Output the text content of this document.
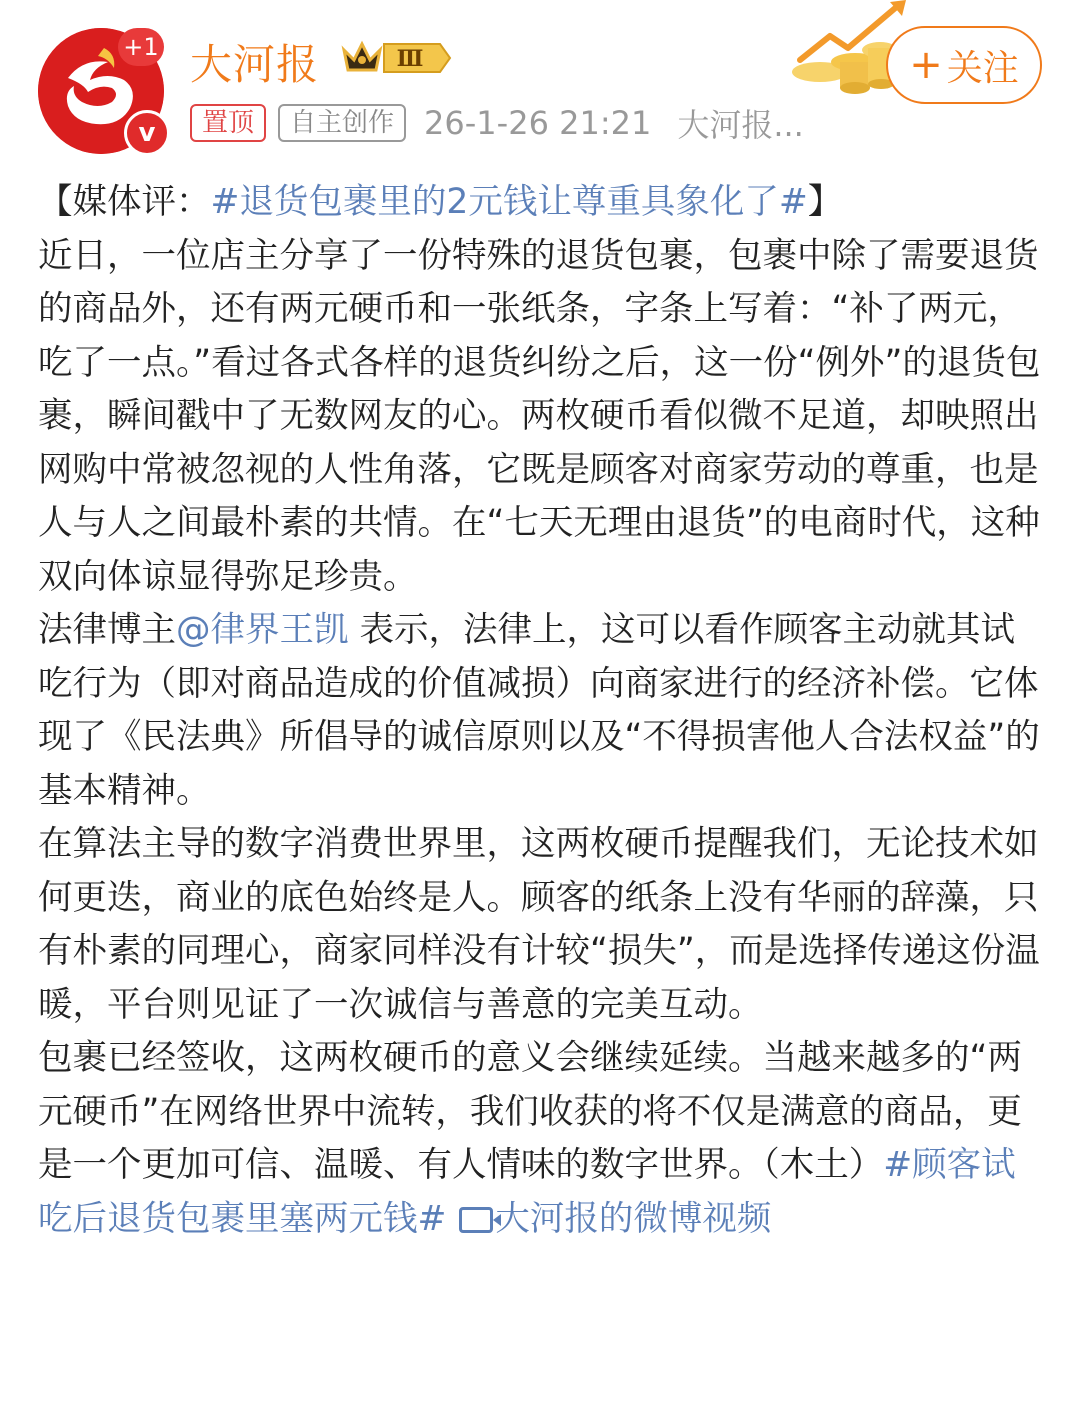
+1
v
大河报	Ⅲ	+ 关注
置顶	自主创作 26-1-26 21:21 大河报...

【媒体评：#退货包裹里的2元钱让尊重具象化了#】

近日，一位店主分享了一份特殊的退货包裹，包裹中除了需要退货的商品外，还有两元硬币和一张纸条，字条上写着：“补了两元，吃了一点。”看过各式各样的退货纠纷之后，这一份“例外”的退货包裹，瞬间戳中了无数网友的心。两枚硬币看似微不足道，却映照出网购中常被忽视的人性角落，它既是顾客对商家劳动的尊重，也是人与人之间最朴素的共情。在“七天无理由退货”的电商时代，这种双向体谅显得弥足珍贵。

法律博主@律界王凯 表示，法律上，这可以看作顾客主动就其试吃行为（即对商品造成的价值减损）向商家进行的经济补偿。它体现了《民法典》所倡导的诚信原则以及“不得损害他人合法权益”的基本精神。

在算法主导的数字消费世界里，这两枚硬币提醒我们，无论技术如何更迭，商业的底色始终是人。顾客的纸条上没有华丽的辞藻，只有朴素的同理心，商家同样没有计较“损失”，而是选择传递这份温暖，平台则见证了一次诚信与善意的完美互动。

包裹已经签收，这两枚硬币的意义会继续延续。当越来越多的“两元硬币”在网络世界中流转，我们收获的将不仅是满意的商品，更是一个更加可信、温暖、有人情味的数字世界。（木土）#顾客试吃后退货包裹里塞两元钱# 大河报的微博视频
